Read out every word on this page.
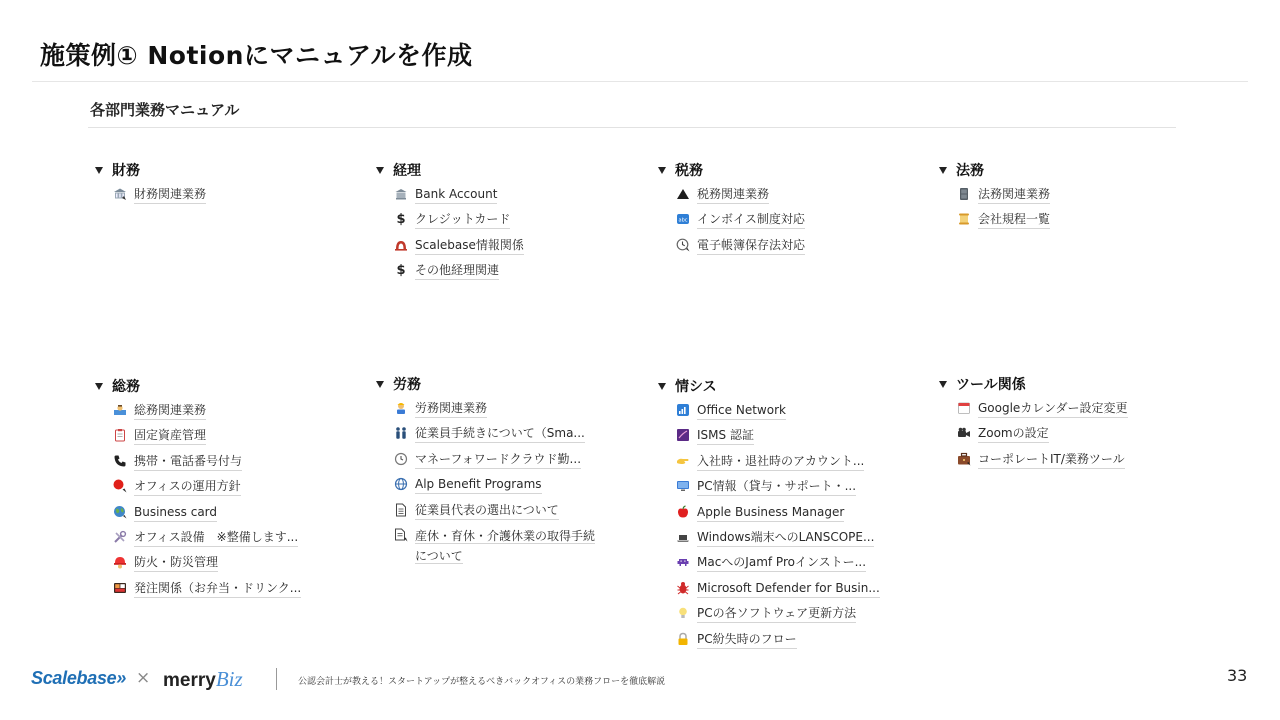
施策例① Notionにマニュアルを作成
各部門業務マニュアル
財務
財務関連業務
経理
Bank Account
$ クレジットカード
Scalebase情報関係
$ その他経理関連
税務
税務関連業務
abc インボイス制度対応
電子帳簿保存法対応
法務
法務関連業務
会社規程一覧
総務
総務関連業務
固定資産管理
携帯・電話番号付与
オフィスの運用方針
Business card
オフィス設備　※整備します...
防火・防災管理
発注関係（お弁当・ドリンク...
労務
労務関連業務
従業員手続きについて（Sma...
マネーフォワードクラウド勤...
Alp Benefit Programs
従業員代表の選出について
産休・育休・介護休業の取得手続
について
情シス
Office Network
ISMS 認証
入社時・退社時のアカウント...
PC情報（貸与・サポート・...
Apple Business Manager
Windows端末へのLANSCOPE...
MacへのJamf Proインストー...
Microsoft Defender for Busin...
PCの各ソフトウェア更新方法
PC紛失時のフロー
ツール関係
Googleカレンダー設定変更
Zoomの設定
コーポレートIT/業務ツール
Scalebase» × merryBiz	公認会計士が教える！スタートアップが整えるべきバックオフィスの業務フローを徹底解説	33
